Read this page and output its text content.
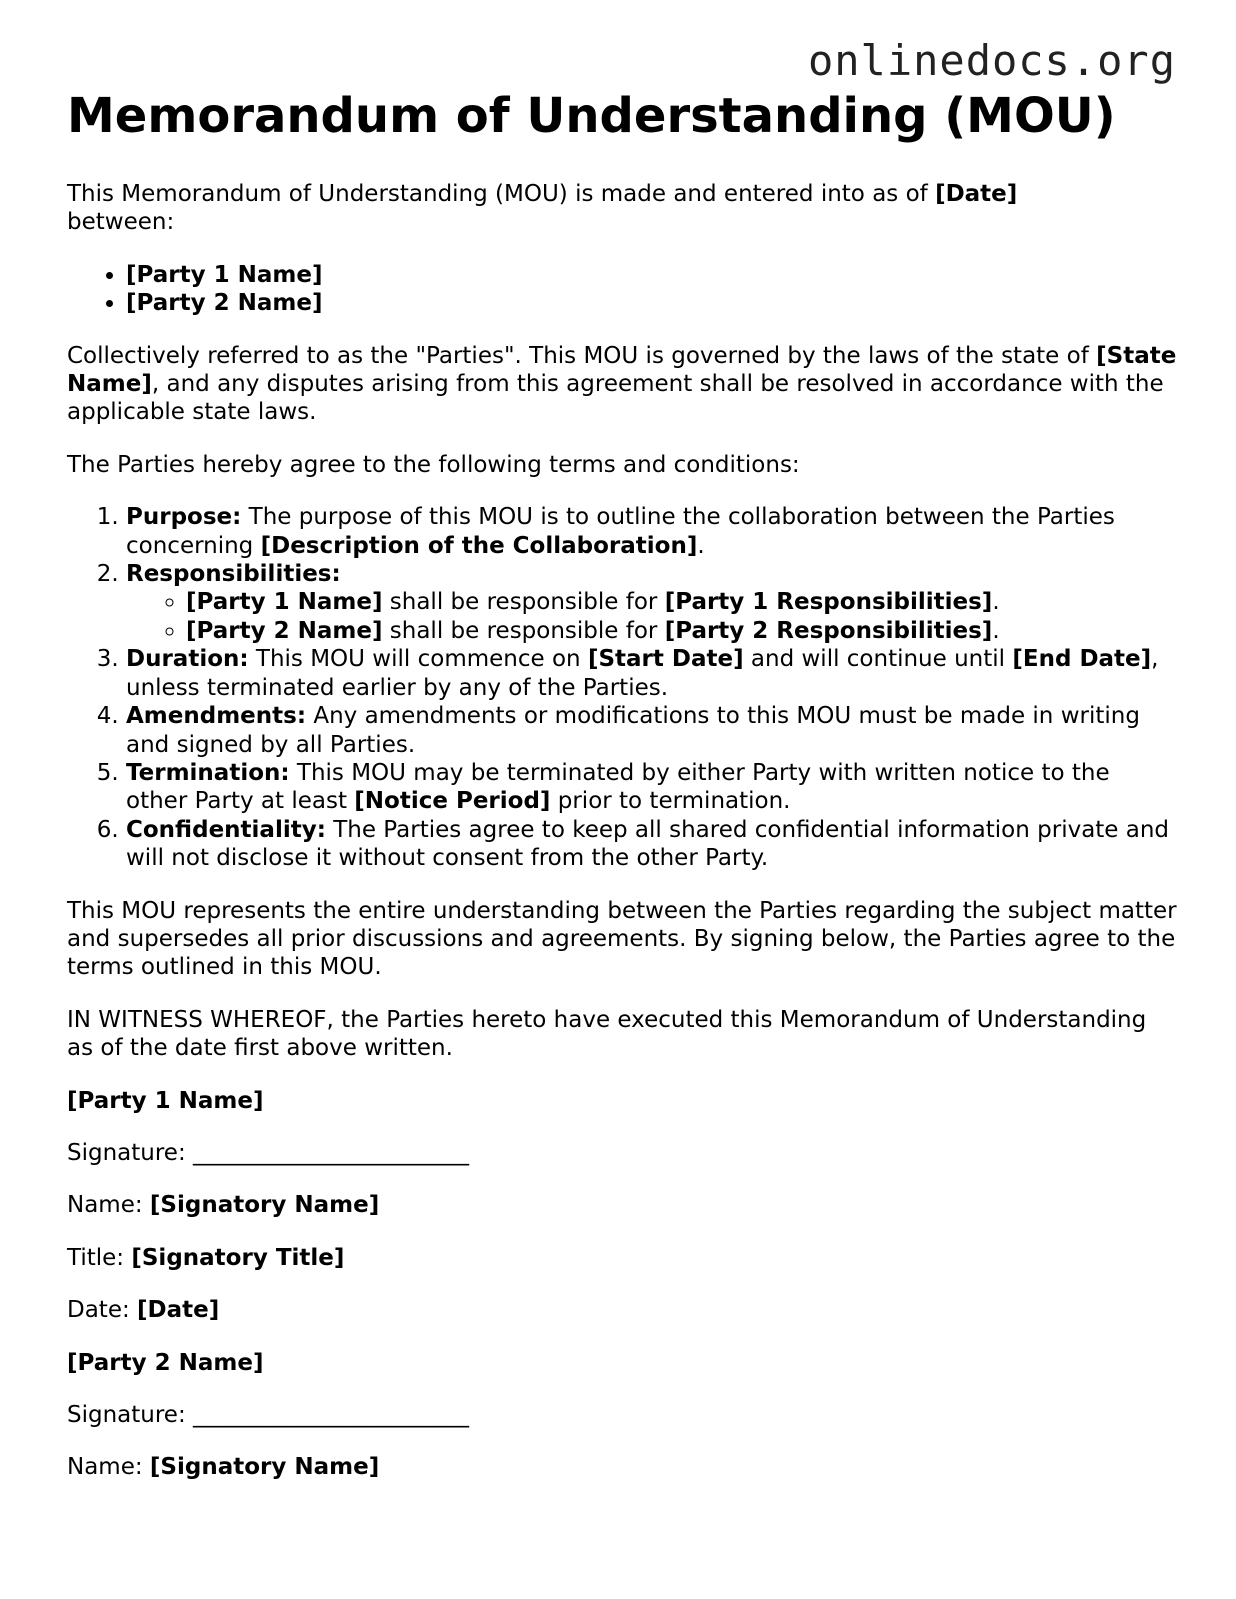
onlinedocs.org
Memorandum of Understanding (MOU)

This Memorandum of Understanding (MOU) is made and entered into as of [Date]
between:

• [Party 1 Name]
• [Party 2 Name]

Collectively referred to as the "Parties". This MOU is governed by the laws of the state of [State Name], and any disputes arising from this agreement shall be resolved in accordance with the applicable state laws.

The Parties hereby agree to the following terms and conditions:

1. Purpose: The purpose of this MOU is to outline the collaboration between the Parties concerning [Description of the Collaboration].
2. Responsibilities:
◦ [Party 1 Name] shall be responsible for [Party 1 Responsibilities].
◦ [Party 2 Name] shall be responsible for [Party 2 Responsibilities].
3. Duration: This MOU will commence on [Start Date] and will continue until [End Date], unless terminated earlier by any of the Parties.
4. Amendments: Any amendments or modifications to this MOU must be made in writing and signed by all Parties.
5. Termination: This MOU may be terminated by either Party with written notice to the other Party at least [Notice Period] prior to termination.
6. Confidentiality: The Parties agree to keep all shared confidential information private and will not disclose it without consent from the other Party.

This MOU represents the entire understanding between the Parties regarding the subject matter and supersedes all prior discussions and agreements. By signing below, the Parties agree to the terms outlined in this MOU.

IN WITNESS WHEREOF, the Parties hereto have executed this Memorandum of Understanding as of the date first above written.

[Party 1 Name]

Signature: ________________________

Name: [Signatory Name]

Title: [Signatory Title]

Date: [Date]

[Party 2 Name]

Signature: ________________________

Name: [Signatory Name]
